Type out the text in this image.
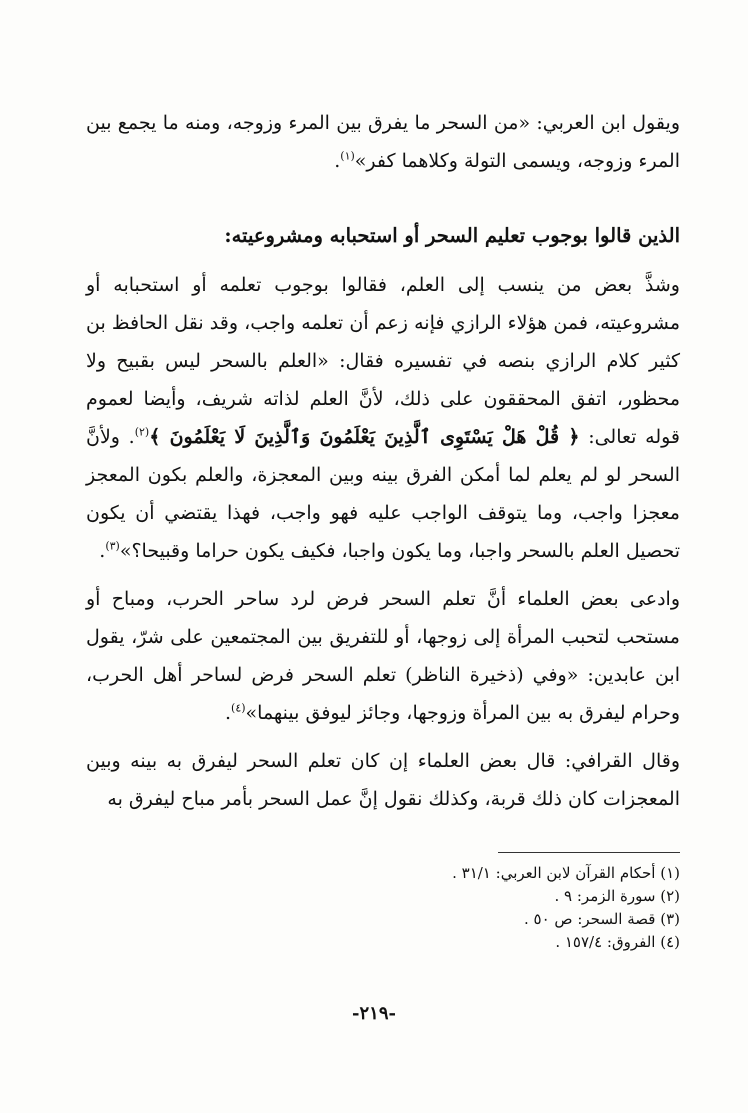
ويقول ابن العربي: «من السحر ما يفرق بين المرء وزوجه، ومنه ما يجمع بين المرء وزوجه، ويسمى التولة وكلاهما كفر»$^{(١)}$.

الذين قالوا بوجوب تعليم السحر أو استحبابه ومشروعيته:

وشذَّ بعض من ينسب إلى العلم، فقالوا بوجوب تعلمه أو استحبابه أو مشروعيته، فمن هؤلاء الرازي فإنه زعم أن تعلمه واجب، وقد نقل الحافظ بن كثير كلام الرازي بنصه في تفسيره فقال: «العلم بالسحر ليس بقبيح ولا محظور، اتفق المحققون على ذلك، لأنَّ العلم لذاته شريف، وأيضا لعموم قوله تعالى: ﴿ قُلْ هَلْ يَسْتَوِى ٱلَّذِينَ يَعْلَمُونَ وَٱلَّذِينَ لَا يَعْلَمُونَ ﴾$^{(٢)}$. ولأنَّ السحر لو لم يعلم لما أمكن الفرق بينه وبين المعجزة، والعلم بكون المعجز معجزا واجب، وما يتوقف الواجب عليه فهو واجب، فهذا يقتضي أن يكون تحصيل العلم بالسحر واجبا، وما يكون واجبا، فكيف يكون حراما وقبيحا؟»$^{(٣)}$.

وادعى بعض العلماء أنَّ تعلم السحر فرض لرد ساحر الحرب، ومباح أو مستحب لتحبب المرأة إلى زوجها، أو للتفريق بين المجتمعين على شرّ، يقول ابن عابدين: «وفي (ذخيرة الناظر) تعلم السحر فرض لساحر أهل الحرب، وحرام ليفرق به بين المرأة وزوجها، وجائز ليوفق بينهما»$^{(٤)}$.

وقال القرافي: قال بعض العلماء إن كان تعلم السحر ليفرق به بينه وبين المعجزات كان ذلك قربة، وكذلك نقول إنَّ عمل السحر بأمر مباح ليفرق به

(١) أحكام القرآن لابن العربي: ٣١/١ .
(٢) سورة الزمر: ٩ .
(٣) قصة السحر: ص ٥٠ .
(٤) الفروق: ١٥٧/٤ .
-٢١٩-
